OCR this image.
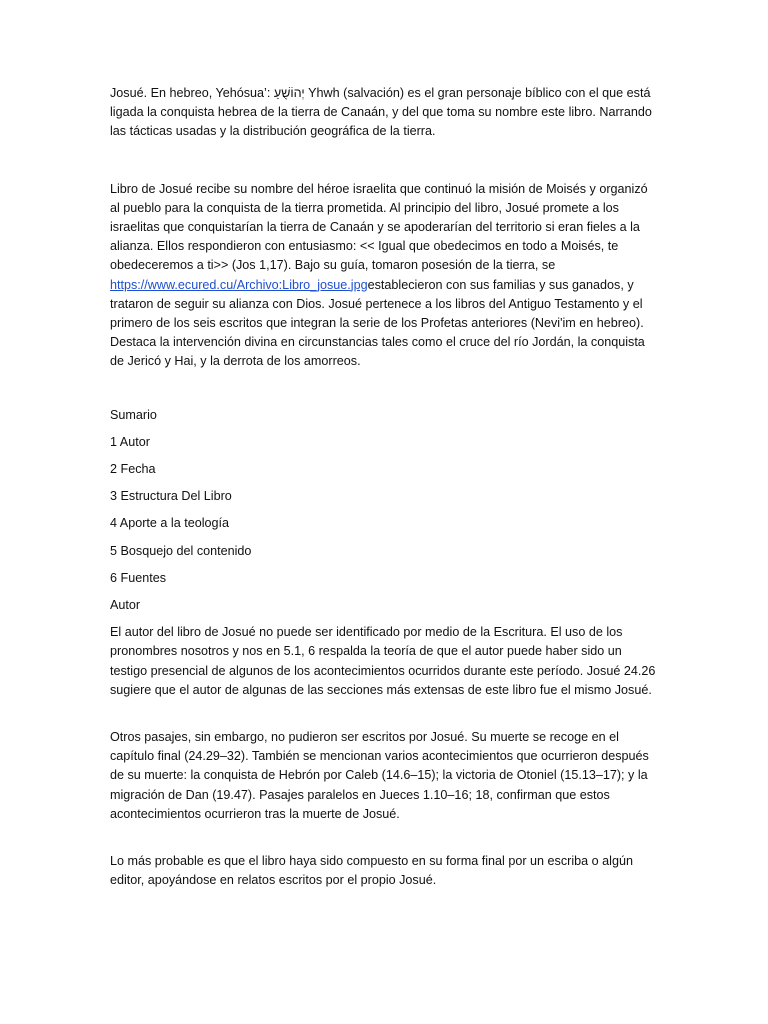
Josué. En hebreo, Yehósua’: יְהוֹשֻׁעַ Yhwh (salvación) es el gran personaje bíblico con el que está ligada la conquista hebrea de la tierra de Canaán, y del que toma su nombre este libro. Narrando las tácticas usadas y la distribución geográfica de la tierra.

Libro de Josué recibe su nombre del héroe israelita que continuó la misión de Moisés y organizó al pueblo para la conquista de la tierra prometida. Al principio del libro, Josué promete a los israelitas que conquistarían la tierra de Canaán y se apoderarían del territorio si eran fieles a la alianza. Ellos respondieron con entusiasmo: << Igual que obedecimos en todo a Moisés, te obedeceremos a ti>> (Jos 1,17). Bajo su guía, tomaron posesión de la tierra, se https://www.ecured.cu/Archivo:Libro_josue.jpgestablecieron con sus familias y sus ganados, y trataron de seguir su alianza con Dios. Josué pertenece a los libros del Antiguo Testamento y el primero de los seis escritos que integran la serie de los Profetas anteriores (Nevi'im en hebreo). Destaca la intervención divina en circunstancias tales como el cruce del río Jordán, la conquista de Jericó y Hai, y la derrota de los amorreos.

Sumario

1 Autor
2 Fecha
3 Estructura Del Libro
4 Aporte a la teología
5 Bosquejo del contenido
6 Fuentes

Autor

El autor del libro de Josué no puede ser identificado por medio de la Escritura. El uso de los pronombres nosotros y nos en 5.1, 6 respalda la teoría de que el autor puede haber sido un testigo presencial de algunos de los acontecimientos ocurridos durante este período. Josué 24.26 sugiere que el autor de algunas de las secciones más extensas de este libro fue el mismo Josué.

Otros pasajes, sin embargo, no pudieron ser escritos por Josué. Su muerte se recoge en el capítulo final (24.29–32). También se mencionan varios acontecimientos que ocurrieron después de su muerte: la conquista de Hebrón por Caleb (14.6–15); la victoria de Otoniel (15.13–17); y la migración de Dan (19.47). Pasajes paralelos en Jueces 1.10–16; 18, confirman que estos acontecimientos ocurrieron tras la muerte de Josué.

Lo más probable es que el libro haya sido compuesto en su forma final por un escriba o algún editor, apoyándose en relatos escritos por el propio Josué.
